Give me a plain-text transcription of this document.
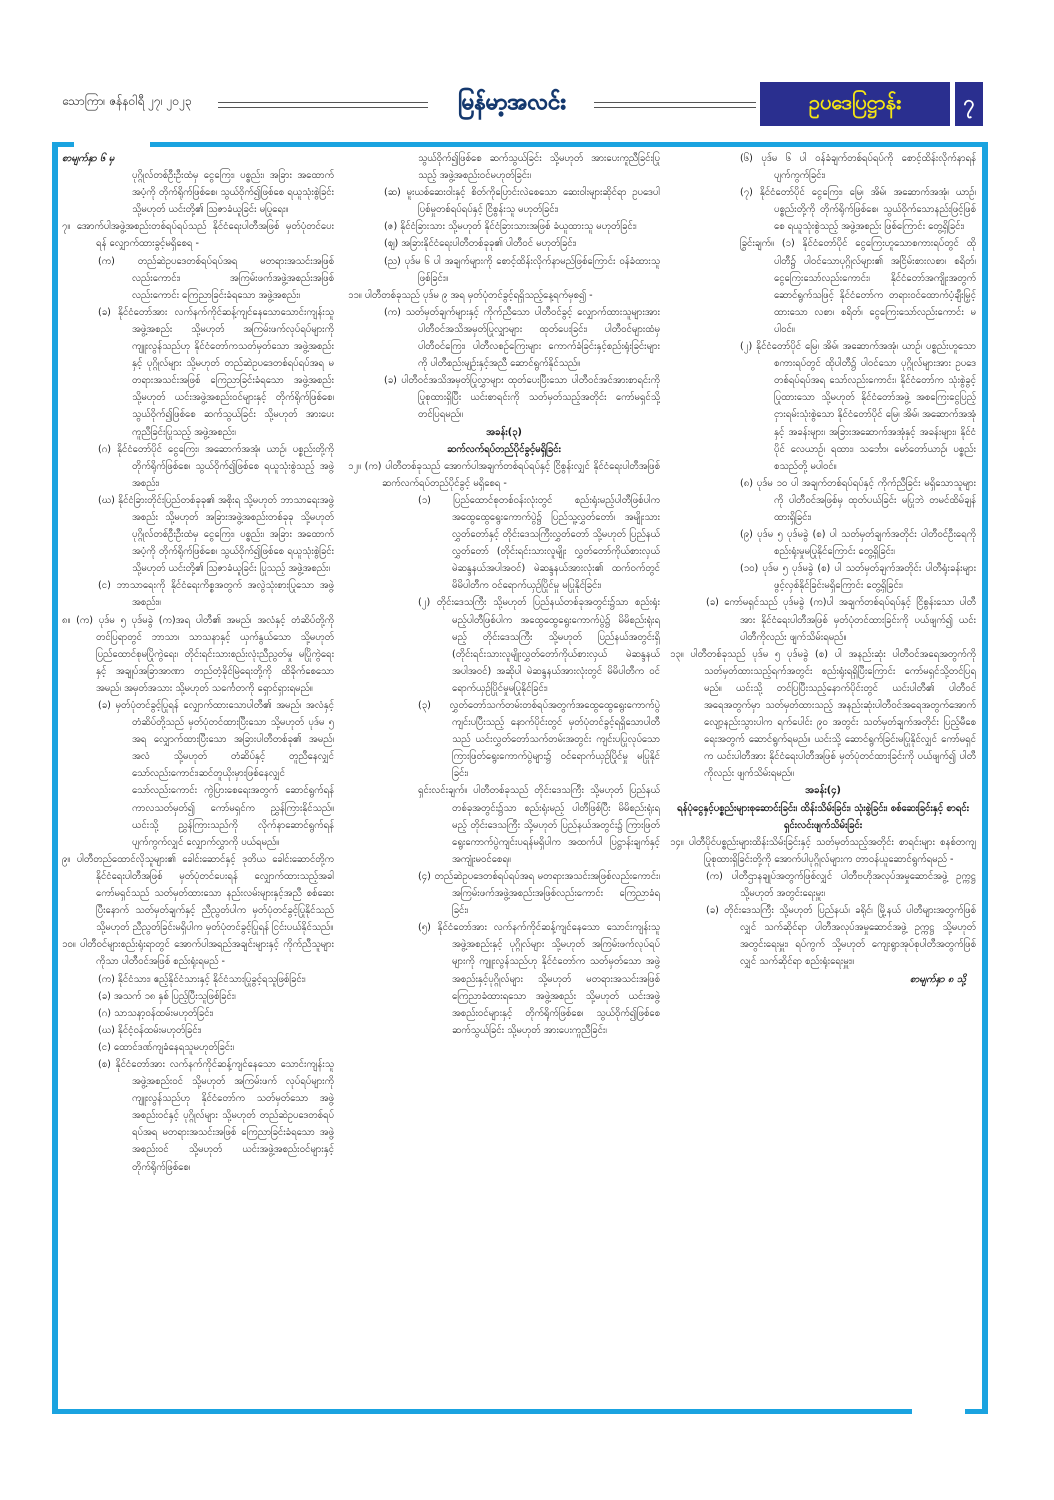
သောကြာ၊ ဇန်နဝါရီ ၂၇၊ ၂၀၂၃	မြန်မာ့အလင်း	ဥပဒေပြဋ္ဌာန်း	၇

စာမျက်နှာ ၆ မှ

ပုဂ္ဂိုလ်တစ်ဦးဦးထံမှ ငွေကြေး၊ ပစ္စည်း၊ အခြား အထောက်အပံ့ကို တိုက်ရိုက်ဖြစ်စေ၊ သွယ်ဝိုက်၍ဖြစ်စေ ရယူသုံးစွဲခြင်း သို့မဟုတ် ယင်းတို့၏ ဩဇာခံယူခြင်း မပြုရေး။

၇။ အောက်ပါအဖွဲ့အစည်းတစ်ရပ်ရပ်သည် နိုင်ငံရေးပါတီအဖြစ် မှတ်ပုံတင်ပေးရန် လျှောက်ထားခွင့်မရှိစေရ -

(က) တည်ဆဲဥပဒေတစ်ရပ်ရပ်အရ မတရားအသင်းအဖြစ် လည်းကောင်း၊ အကြမ်းဖက်အဖွဲ့အစည်းအဖြစ် လည်းကောင်း ကြေညာခြင်းခံရသော အဖွဲ့အစည်း၊

(ခ) နိုင်ငံတော်အား လက်နက်ကိုင်ဆန့်ကျင်နေသောသောင်းကျန်းသူအဖွဲ့အစည်း သို့မဟုတ် အကြမ်းဖက်လုပ်ရပ်များကို ကျူးလွန်သည်ဟု နိုင်ငံတော်ကသတ်မှတ်သော အဖွဲ့အစည်းနှင့် ပုဂ္ဂိုလ်များ သို့မဟုတ် တည်ဆဲဥပဒေတစ်ရပ်ရပ်အရ မတရားအသင်းအဖြစ် ကြေညာခြင်းခံရသော အဖွဲ့အစည်း သို့မဟုတ် ယင်းအဖွဲ့အစည်းဝင်များနှင့် တိုက်ရိုက်ဖြစ်စေ၊ သွယ်ဝိုက်၍ဖြစ်စေ ဆက်သွယ်ခြင်း သို့မဟုတ် အားပေးကူညီခြင်းပြုသည့် အဖွဲ့အစည်း၊

(ဂ) နိုင်ငံတော်ပိုင် ငွေကြေး၊ အဆောက်အအုံ၊ ယာဉ်၊ ပစ္စည်းတို့ကို တိုက်ရိုက်ဖြစ်စေ၊ သွယ်ဝိုက်၍ဖြစ်စေ ရယူသုံးစွဲသည့် အဖွဲ့အစည်း၊

(ဃ) နိုင်ငံခြားတိုင်းပြည်တစ်ခုခု၏ အစိုးရ သို့မဟုတ် ဘာသာရေးအဖွဲ့အစည်း သို့မဟုတ် အခြားအဖွဲ့အစည်းတစ်ခုခု သို့မဟုတ် ပုဂ္ဂိုလ်တစ်ဦးဦးထံမှ ငွေကြေး၊ ပစ္စည်း၊ အခြား အထောက်အပံ့ကို တိုက်ရိုက်ဖြစ်စေ၊ သွယ်ဝိုက်၍ဖြစ်စေ ရယူသုံးစွဲခြင်း သို့မဟုတ် ယင်းတို့၏ ဩဇာခံယူခြင်း ပြုသည့် အဖွဲ့အစည်း၊

(င) ဘာသာရေးကို နိုင်ငံရေးကိစ္စအတွက် အလွဲသုံးစားပြုသော အဖွဲ့အစည်း။

၈။ (က) ပုဒ်မ ၅ ပုဒ်မခွဲ (က)အရ ပါတီ၏ အမည်၊ အလံနှင့် တံဆိပ်တို့ကို တင်ပြရာတွင် ဘာသာ၊ သာသနာနှင့် ယှက်နွယ်သော သို့မဟုတ် ပြည်ထောင်စုမပြိုကွဲရေး၊ တိုင်းရင်းသားစည်းလုံးညီညွတ်မှု မပြိုကွဲရေးနှင့် အချုပ်အခြာအာဏာ တည်တံ့ခိုင်မြဲရေးတို့ကို ထိခိုက်စေသော အမည်၊ အမှတ်အသား သို့မဟုတ် သင်္ကေတကို ရှောင်ရှားရမည်။

(ခ) မှတ်ပုံတင်ခွင့်ပြုရန် လျှောက်ထားသောပါတီ၏ အမည်၊ အလံနှင့် တံဆိပ်တို့သည် မှတ်ပုံတင်ထားပြီးသော သို့မဟုတ် ပုဒ်မ ၅ အရ လျှောက်ထားပြီးသော အခြားပါတီတစ်ခု၏ အမည်၊ အလံ သို့မဟုတ် တံဆိပ်နှင့် တူညီနေလျှင်သော်လည်းကောင်း၊ဆင်တူယိုးမှားဖြစ်နေလျှင်သော်လည်းကောင်း ကွဲပြားစေရေးအတွက် ဆောင်ရွက်ရန် ကာလသတ်မှတ်၍ ကော်မရှင်က ညွှန်ကြားနိုင်သည်။ ယင်းသို့ ညွှန်ကြားသည်ကို လိုက်နာဆောင်ရွက်ရန်ပျက်ကွက်လျှင် လျှောက်လွှာကို ပယ်ရမည်။

၉။ ပါတီတည်ထောင်လိုသူများ၏ ခေါင်းဆောင်နှင့် ဒုတိယ ခေါင်းဆောင်တို့က နိုင်ငံရေးပါတီအဖြစ် မှတ်ပုံတင်ပေးရန် လျှောက်ထားသည့်အခါ ကော်မရှင်သည် သတ်မှတ်ထားသော နည်းလမ်းများနှင့်အညီ စစ်ဆေးပြီးနောက် သတ်မှတ်ချက်နှင့် ညီညွတ်ပါက မှတ်ပုံတင်ခွင့်ပြုနိုင်သည် သို့မဟုတ် ညီညွတ်ခြင်းမရှိပါက မှတ်ပုံတင်ခွင့်ပြုရန် ငြင်းပယ်နိုင်သည်။

၁၀။ ပါတီဝင်များစည်းရုံးရာတွင် အောက်ပါအရည်အချင်းများနှင့် ကိုက်ညီသူများကိုသာ ပါတီဝင်အဖြစ် စည်းရုံးရမည် -

(က) နိုင်ငံသား၊ ဧည့်နိုင်ငံသားနှင့် နိုင်ငံသားပြုခွင့်ရသူဖြစ်ခြင်း၊

(ခ) အသက် ၁၈ နှစ် ပြည့်ပြီးသူဖြစ်ခြင်း၊

(ဂ) သာသနာ့ဝန်ထမ်းမဟုတ်ခြင်း၊

(ဃ) နိုင်ငံ့ဝန်ထမ်းမဟုတ်ခြင်း၊

(င) ထောင်ဒဏ်ကျခံနေရသူမဟုတ်ခြင်း၊

(စ) နိုင်ငံတော်အား လက်နက်ကိုင်ဆန့်ကျင်နေသော သောင်းကျန်းသူ အဖွဲ့အစည်းဝင် သို့မဟုတ် အကြမ်းဖက် လုပ်ရပ်များကို ကျူးလွန်သည်ဟု နိုင်ငံတော်က သတ်မှတ်သော အဖွဲ့အစည်းဝင်နှင့် ပုဂ္ဂိုလ်များ သို့မဟုတ် တည်ဆဲဥပဒေတစ်ရပ်ရပ်အရ မတရားအသင်းအဖြစ် ကြေညာခြင်းခံရသော အဖွဲ့အစည်းဝင် သို့မဟုတ် ယင်းအဖွဲ့အစည်းဝင်များနှင့် တိုက်ရိုက်ဖြစ်စေ၊

သွယ်ဝိုက်၍ဖြစ်စေ ဆက်သွယ်ခြင်း သို့မဟုတ် အားပေးကူညီခြင်းပြုသည့် အဖွဲ့အစည်းဝင်မဟုတ်ခြင်း၊

(ဆ) မူးယစ်ဆေးဝါးနှင့် စိတ်ကိုပြောင်းလဲစေသော ဆေးဝါးများဆိုင်ရာ ဥပဒေပါ ပြစ်မှုတစ်ရပ်ရပ်နှင့် ငြိစွန်းသူ မဟုတ်ခြင်း၊

(ဇ) နိုင်ငံခြားသား သို့မဟုတ် နိုင်ငံခြားသားအဖြစ် ခံယူထားသူ မဟုတ်ခြင်း၊

(ဈ) အခြားနိုင်ငံရေးပါတီတစ်ခုခု၏ ပါတီဝင် မဟုတ်ခြင်း၊

(ည) ပုဒ်မ ၆ ပါ အချက်များကို စောင့်ထိန်းလိုက်နာမည်ဖြစ်ကြောင်း ဝန်ခံထားသူဖြစ်ခြင်း။

၁၁။ ပါတီတစ်ခုသည် ပုဒ်မ ၉ အရ မှတ်ပုံတင်ခွင့်ရရှိသည့်နေ့ရက်မှစ၍ -

(က) သတ်မှတ်ချက်များနှင့် ကိုက်ညီသော ပါတီဝင်ခွင့် လျှောက်ထားသူများအား ပါတီဝင်အသိအမှတ်ပြုလျှာများ ထုတ်ပေးခြင်း၊ ပါတီဝင်များထံမှ ပါတီဝင်ကြေး၊ ပါတီလစဉ်ကြေးများ ကောက်ခံခြင်းနှင့်စည်းရုံးခြင်းများကို ပါတီစည်းမျဉ်းနှင့်အညီ ဆောင်ရွက်နိုင်သည်။

(ခ) ပါတီဝင်အသိအမှတ်ပြုလွှာများ ထုတ်ပေးပြီးသော ပါတီဝင်အင်အားစာရင်းကို ပြုစုထားရှိပြီး ယင်းစာရင်းကို သတ်မှတ်သည့်အတိုင်း ကော်မရှင်သို့ တင်ပြရမည်။

အခန်း(၃)

ဆက်လက်ရပ်တည်ပိုင်ခွင့်မရှိခြင်း

၁၂။ (က) ပါတီတစ်ခုသည် အောက်ပါအချက်တစ်ရပ်ရပ်နှင့် ငြိစွန်းလျှင် နိုင်ငံရေးပါတီအဖြစ် ဆက်လက်ရပ်တည်ပိုင်ခွင့် မရှိစေရ -

(၁) ပြည်ထောင်စုတစ်ဝန်းလုံးတွင် စည်းရုံးမည့်ပါတီဖြစ်ပါက အထွေထွေရွေးကောက်ပွဲ၌ ပြည်သူ့လွှတ်တော်၊ အမျိုးသားလွှတ်တော်နှင့် တိုင်းဒေသကြီးလွှတ်တော် သို့မဟုတ် ပြည်နယ်လွှတ်တော် (တိုင်းရင်းသားလူမျိုး လွှတ်တော်ကိုယ်စားလှယ် မဲဆန္ဒနယ်အပါအဝင်) မဲဆန္ဒနယ်အားလုံး၏ ထက်ဝက်တွင် မိမိပါတီက ဝင်ရောက်ယှဉ်ပြိုင်မှု မပြုနိုင်ခြင်း၊

(၂) တိုင်းဒေသကြီး သို့မဟုတ် ပြည်နယ်တစ်ခုအတွင်း၌သာ စည်းရုံးမည့်ပါတီဖြစ်ပါက အထွေထွေရွေးကောက်ပွဲ၌ မိမိစည်းရုံးရမည့် တိုင်းဒေသကြီး သို့မဟုတ် ပြည်နယ်အတွင်းရှိ (တိုင်းရင်းသားလူမျိုးလွှတ်တော်ကိုယ်စားလှယ် မဲဆန္ဒနယ်အပါအဝင်) အဆိုပါ မဲဆန္ဒနယ်အားလုံးတွင် မိမိပါတီက ဝင်ရောက်ယှဉ်ပြိုင်မှုမပြုနိုင်ခြင်း၊

(၃) လွှတ်တော်သက်တမ်းတစ်ရပ်အတွက်အထွေထွေရွေးကောက်ပွဲကျင်းပပြီးသည့် နောက်ပိုင်းတွင် မှတ်ပုံတင်ခွင့်ရရှိသောပါတီသည် ယင်းလွှတ်တော်သက်တမ်းအတွင်း ကျင်းပပြုလုပ်သောကြားဖြတ်ရွေးကောက်ပွဲများ၌ ဝင်ရောက်ယှဉ်ပြိုင်မှု မပြုနိုင်ခြင်း၊

ရှင်းလင်းချက်။ ပါတီတစ်ခုသည် တိုင်းဒေသကြီး သို့မဟုတ် ပြည်နယ်တစ်ခုအတွင်း၌သာ စည်းရုံးမည့် ပါတီဖြစ်ပြီး မိမိစည်းရုံးရမည့် တိုင်းဒေသကြီး သို့မဟုတ် ပြည်နယ်အတွင်း၌ ကြားဖြတ်ရွေးကောက်ပွဲကျင်းပရန်မရှိပါက အထက်ပါ ပြဋ္ဌာန်းချက်နှင့် အကျုံးမဝင်စေရ။

(၄) တည်ဆဲဥပဒေတစ်ရပ်ရပ်အရ မတရားအသင်းအဖြစ်လည်းကောင်း၊ အကြမ်းဖက်အဖွဲ့အစည်းအဖြစ်လည်းကောင်း ကြေညာခံရခြင်း၊

(၅) နိုင်ငံတော်အား လက်နက်ကိုင်ဆန့်ကျင်နေသော သောင်းကျန်းသူ အဖွဲ့အစည်းနှင့် ပုဂ္ဂိုလ်များ သို့မဟုတ် အကြမ်းဖက်လုပ်ရပ်များကို ကျူးလွန်သည်ဟု နိုင်ငံတော်က သတ်မှတ်သော အဖွဲ့အစည်းနှင့်ပုဂ္ဂိုလ်များ သို့မဟုတ် မတရားအသင်းအဖြစ် ကြေညာခံထားရသော အဖွဲ့အစည်း သို့မဟုတ် ယင်းအဖွဲ့အစည်းဝင်များနှင့် တိုက်ရိုက်ဖြစ်စေ၊ သွယ်ဝိုက်၍ဖြစ်စေ ဆက်သွယ်ခြင်း သို့မဟုတ် အားပေးကူညီခြင်း၊

(၆) ပုဒ်မ ၆ ပါ ဝန်ခံချက်တစ်ရပ်ရပ်ကို စောင့်ထိန်းလိုက်နာရန် ပျက်ကွက်ခြင်း၊

(၇) နိုင်ငံတော်ပိုင် ငွေကြေး၊ မြေ၊ အိမ်၊ အဆောက်အအုံ၊ ယာဉ်၊ ပစ္စည်းတို့ကို တိုက်ရိုက်ဖြစ်စေ၊ သွယ်ဝိုက်သောနည်းဖြင့်ဖြစ်စေ ရယူသုံးစွဲသည့် အဖွဲ့အစည်း ဖြစ်ကြောင်း တွေ့ရှိခြင်း၊

ခြွင်းချက်။ (၁) နိုင်ငံတော်ပိုင် ငွေကြေးဟူသောစကားရပ်တွင် ထိုပါတီ၌ ပါဝင်သောပုဂ္ဂိုလ်များ၏ အငြိမ်းစားလစာ၊ စရိတ်၊ ငွေကြေးသော်လည်းကောင်း၊ နိုင်ငံတော်အကျိုးအတွက် ဆောင်ရွက်သဖြင့် နိုင်ငံတော်က တရားဝင်ထောက်ပံ့ချီးမြှင့်ထားသော လစာ၊ စရိတ်၊ ငွေကြေးသော်လည်းကောင်း မပါဝင်။

(၂) နိုင်ငံတော်ပိုင် မြေ၊ အိမ်၊ အဆောက်အအုံ၊ ယာဉ်၊ ပစ္စည်းဟူသော စကားရပ်တွင် ထိုပါတီ၌ ပါဝင်သော ပုဂ္ဂိုလ်များအား ဥပဒေတစ်ရပ်ရပ်အရ သော်လည်းကောင်း၊ နိုင်ငံတော်က သုံးစွဲခွင့်ပြုထားသော သို့မဟုတ် နိုင်ငံတော်အဖွဲ့ အစကြေးငွေပြည့် ငှားရမ်းသုံးစွဲသော နိုင်ငံတော်ပိုင် မြေ၊ အိမ်၊ အဆောက်အအုံနှင့် အခန်းများ၊ အခြားအဆောက်အအုံနှင့် အခန်းများ၊ နိုင်ငံပိုင် လေယာဉ်၊ ရထား၊ သင်္ဘော၊ မော်တော်ယာဉ်၊ ပစ္စည်း စသည်တို့ မပါဝင်။

(၈) ပုဒ်မ ၁၀ ပါ အချက်တစ်ရပ်ရပ်နှင့် ကိုက်ညီခြင်း မရှိသောသူများကို ပါတီဝင်အဖြစ်မှ ထုတ်ပယ်ခြင်း မပြုဘဲ တမင်ထိမ်ချန်ထားရှိခြင်း၊

(၉) ပုဒ်မ ၅ ပုဒ်မခွဲ (စ) ပါ သတ်မှတ်ချက်အတိုင်း ပါတီဝင်ဦးရေကို စည်းရုံးမှုမပြုနိုင်ကြောင်း တွေ့ရှိခြင်း၊

(၁၀) ပုဒ်မ ၅ ပုဒ်မခွဲ (စ) ပါ သတ်မှတ်ချက်အတိုင်း ပါတီရုံးခန်းများ ဖွင့်လှစ်နိုင်ခြင်းမရှိကြောင်း တွေ့ရှိခြင်း၊

(ခ) ကော်မရှင်သည် ပုဒ်မခွဲ (က)ပါ အချက်တစ်ရပ်ရပ်နှင့် ငြိစွန်းသော ပါတီအား နိုင်ငံရေးပါတီအဖြစ် မှတ်ပုံတင်ထားခြင်းကို ပယ်ဖျက်၍ ယင်းပါတီကိုလည်း ဖျက်သိမ်းရမည်။

၁၃။ ပါတီတစ်ခုသည် ပုဒ်မ ၅ ပုဒ်မခွဲ (စ) ပါ အနည်းဆုံး ပါတီဝင်အရေအတွက်ကို သတ်မှတ်ထားသည့်ရက်အတွင်း စည်းရုံးရရှိပြီးကြောင်း ကော်မရှင်သို့တင်ပြရမည်။ ယင်းသို့ တင်ပြပြီးသည့်နောက်ပိုင်းတွင် ယင်းပါတီ၏ ပါတီဝင်အရေအတွက်မှာ သတ်မှတ်ထားသည့် အနည်းဆုံးပါတီဝင်အရေအတွက်အောက် လျော့နည်းသွားပါက ရက်ပေါင်း ၉၀ အတွင်း သတ်မှတ်ချက်အတိုင်း ပြည့်မီစေရေးအတွက် ဆောင်ရွက်ရမည်။ ယင်းသို့ ဆောင်ရွက်ခြင်းမပြုနိုင်လျှင် ကော်မရှင်က ယင်းပါတီအား နိုင်ငံရေးပါတီအဖြစ် မှတ်ပုံတင်ထားခြင်းကို ပယ်ဖျက်၍ ပါတီကိုလည်း ဖျက်သိမ်းရမည်။

အခန်း(၄)

ရန်ပုံငွေနှင့်ပစ္စည်းများစုဆောင်းခြင်း၊ ထိန်းသိမ်းခြင်း၊ သုံးစွဲခြင်း၊ စစ်ဆေးခြင်းနှင့် စာရင်းရှင်းလင်းဖျက်သိမ်းခြင်း

၁၄။ ပါတီပိုင်ပစ္စည်းများထိန်းသိမ်းခြင်းနှင့် သတ်မှတ်သည့်အတိုင်း စာရင်းများ စနစ်တကျပြုစုထားရှိခြင်းတို့ကို အောက်ပါပုဂ္ဂိုလ်များက တာဝန်ယူဆောင်ရွက်ရမည် -

(က) ပါတီဌာနချုပ်အတွက်ဖြစ်လျှင် ပါတီဗဟိုအလုပ်အမှုဆောင်အဖွဲ့ ဥက္ကဋ္ဌ သို့မဟုတ် အတွင်းရေးမှူး၊

(ခ) တိုင်းဒေသကြီး သို့မဟုတ် ပြည်နယ်၊ ခရိုင်၊ မြို့နယ် ပါတီများအတွက်ဖြစ်လျှင် သက်ဆိုင်ရာ ပါတီအလုပ်အမှုဆောင်အဖွဲ့ ဥက္ကဋ္ဌ သို့မဟုတ် အတွင်းရေးမှူး၊ ရပ်ကွက် သို့မဟုတ် ကျေးရွာအုပ်စုပါတီအတွက်ဖြစ်လျှင် သက်ဆိုင်ရာ စည်းရုံးရေးမှူး။

စာမျက်နှာ ၈ သို့
